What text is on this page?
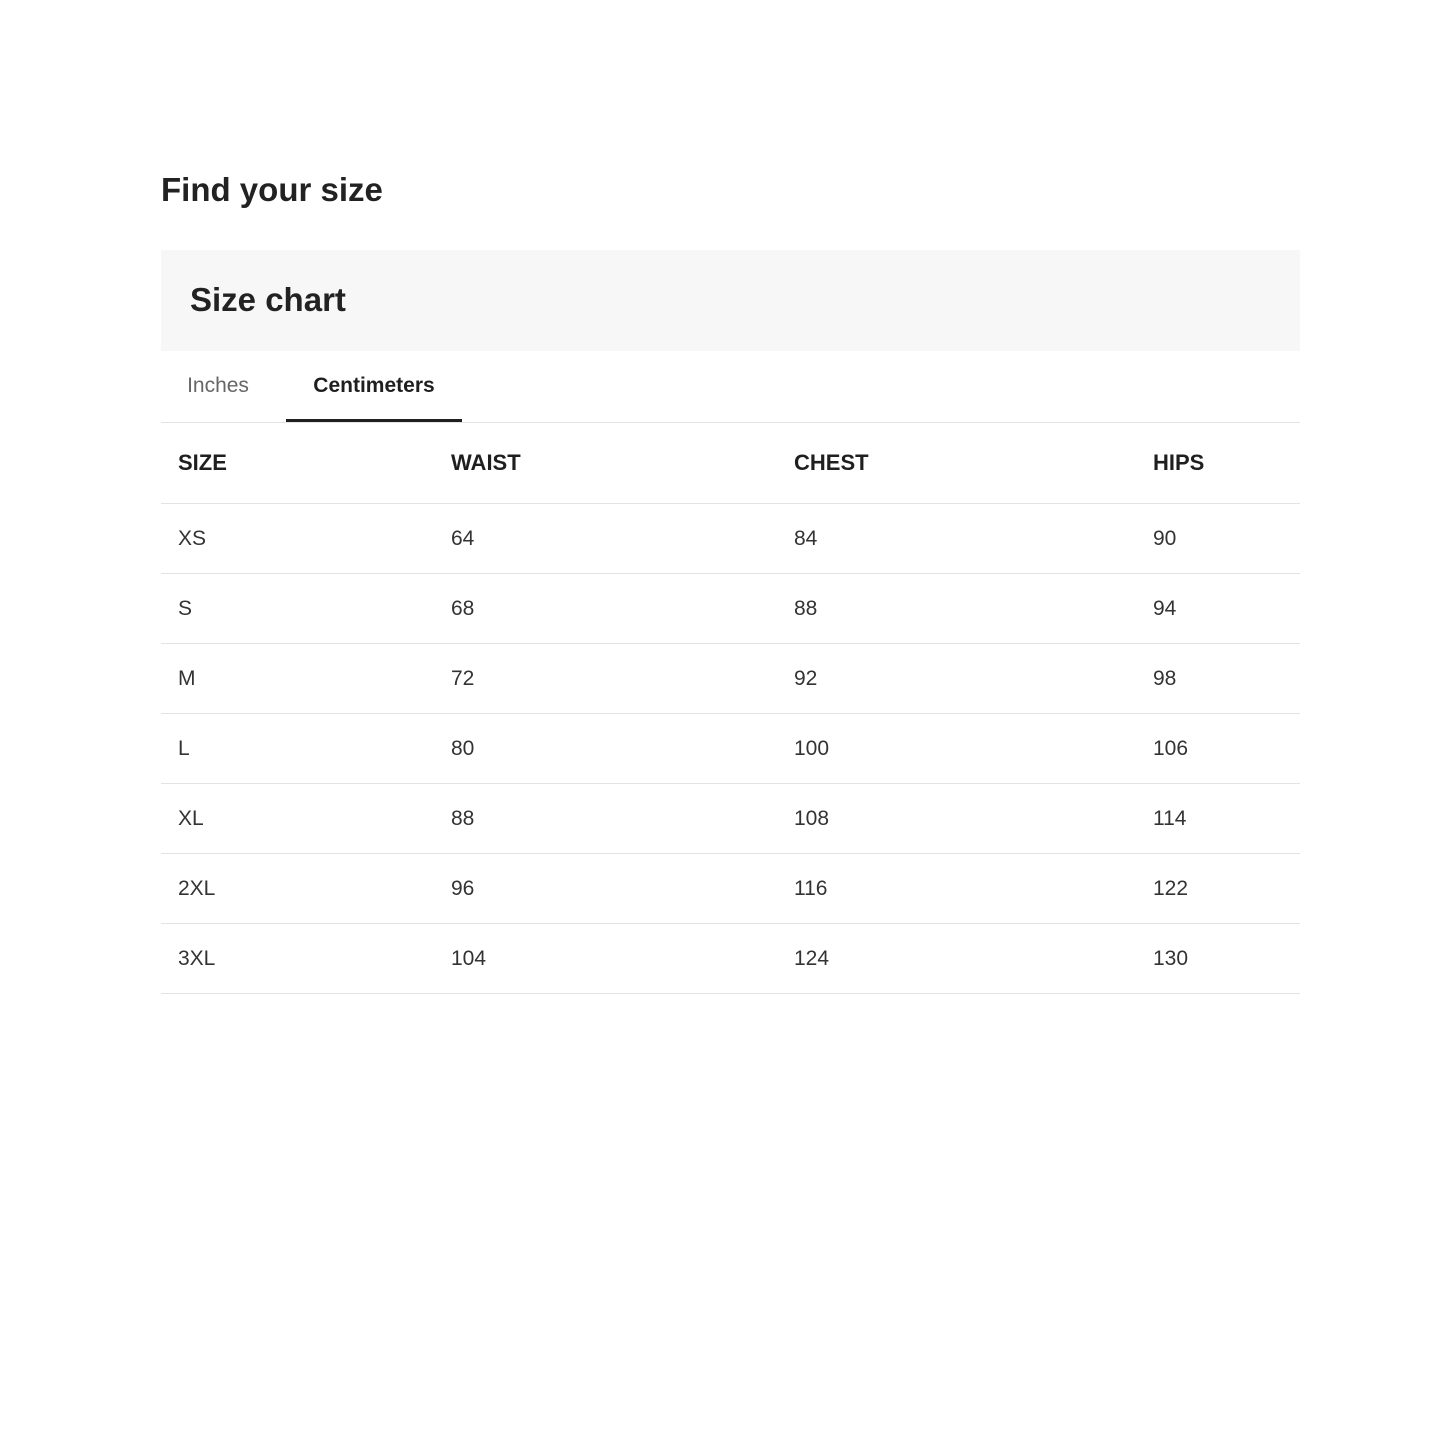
Find your size
Size chart
Inches	Centimeters
SIZE	WAIST	CHEST	HIPS
XS	64	84	90
S	68	88	94
M	72	92	98
L	80	100	106
XL	88	108	114
2XL	96	116	122
3XL	104	124	130
